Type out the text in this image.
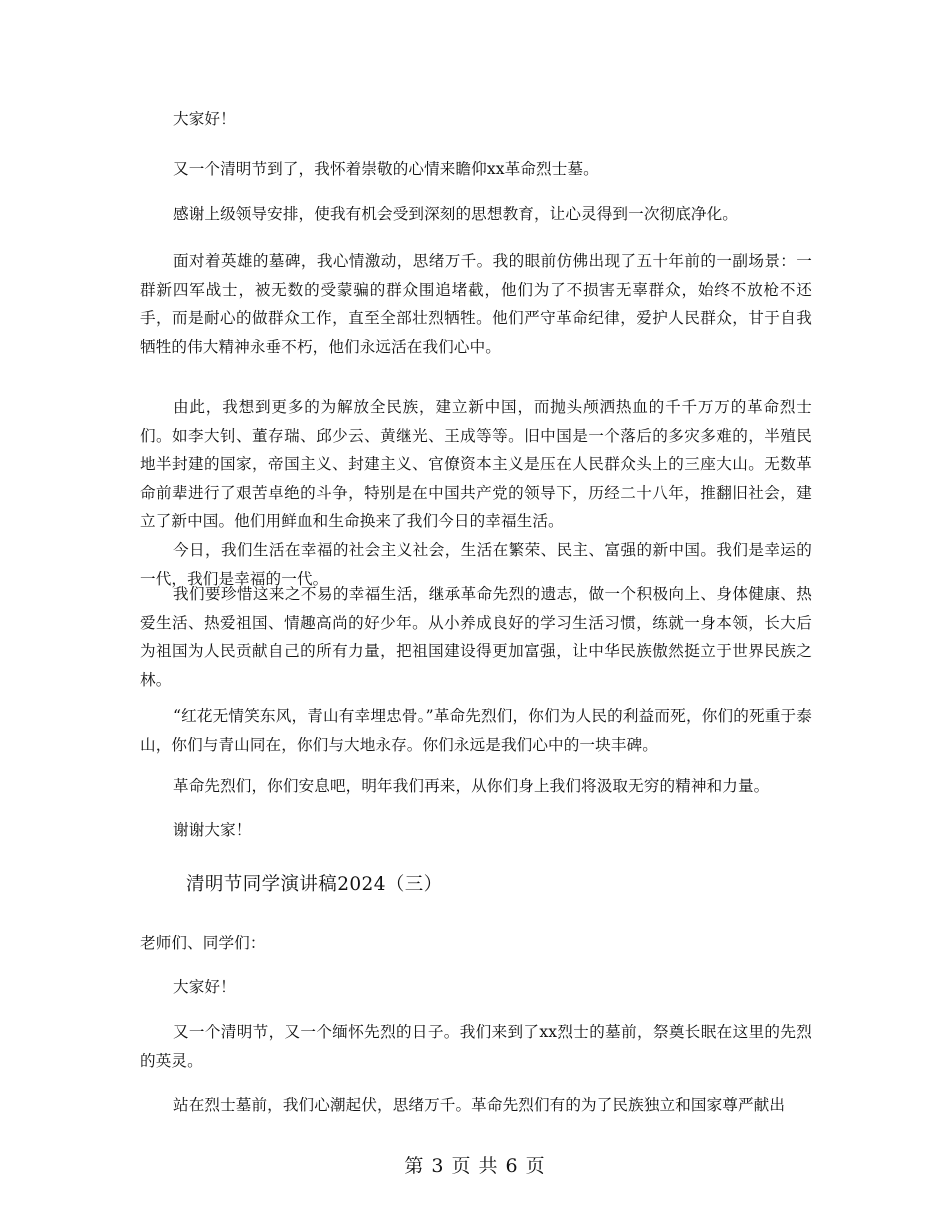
大家好！

又一个清明节到了，我怀着崇敬的心情来瞻仰xx革命烈士墓。

感谢上级领导安排，使我有机会受到深刻的思想教育，让心灵得到一次彻底净化。

面对着英雄的墓碑，我心情激动，思绪万千。我的眼前仿佛出现了五十年前的一副场景：一群新四军战士，被无数的受蒙骗的群众围追堵截，他们为了不损害无辜群众，始终不放枪不还手，而是耐心的做群众工作，直至全部壮烈牺牲。他们严守革命纪律，爱护人民群众，甘于自我牺牲的伟大精神永垂不朽，他们永远活在我们心中。

由此，我想到更多的为解放全民族，建立新中国，而抛头颅洒热血的千千万万的革命烈士们。如李大钊、董存瑞、邱少云、黄继光、王成等等。旧中国是一个落后的多灾多难的，半殖民地半封建的国家，帝国主义、封建主义、官僚资本主义是压在人民群众头上的三座大山。无数革命前辈进行了艰苦卓绝的斗争，特别是在中国共产党的领导下，历经二十八年，推翻旧社会，建立了新中国。他们用鲜血和生命换来了我们今日的幸福生活。

今日，我们生活在幸福的社会主义社会，生活在繁荣、民主、富强的新中国。我们是幸运的一代，我们是幸福的一代。

我们要珍惜这来之不易的幸福生活，继承革命先烈的遗志，做一个积极向上、身体健康、热爱生活、热爱祖国、情趣高尚的好少年。从小养成良好的学习生活习惯，练就一身本领，长大后为祖国为人民贡献自己的所有力量，把祖国建设得更加富强，让中华民族傲然挺立于世界民族之林。

“红花无情笑东风，青山有幸埋忠骨。”革命先烈们，你们为人民的利益而死，你们的死重于泰山，你们与青山同在，你们与大地永存。你们永远是我们心中的一块丰碑。

革命先烈们，你们安息吧，明年我们再来，从你们身上我们将汲取无穷的精神和力量。

谢谢大家！

清明节同学演讲稿2024（三）

老师们、同学们：

大家好！

又一个清明节，又一个缅怀先烈的日子。我们来到了xx烈士的墓前，祭奠长眠在这里的先烈的英灵。

站在烈士墓前，我们心潮起伏，思绪万千。革命先烈们有的为了民族独立和国家尊严献出

第 3 页 共 6 页
